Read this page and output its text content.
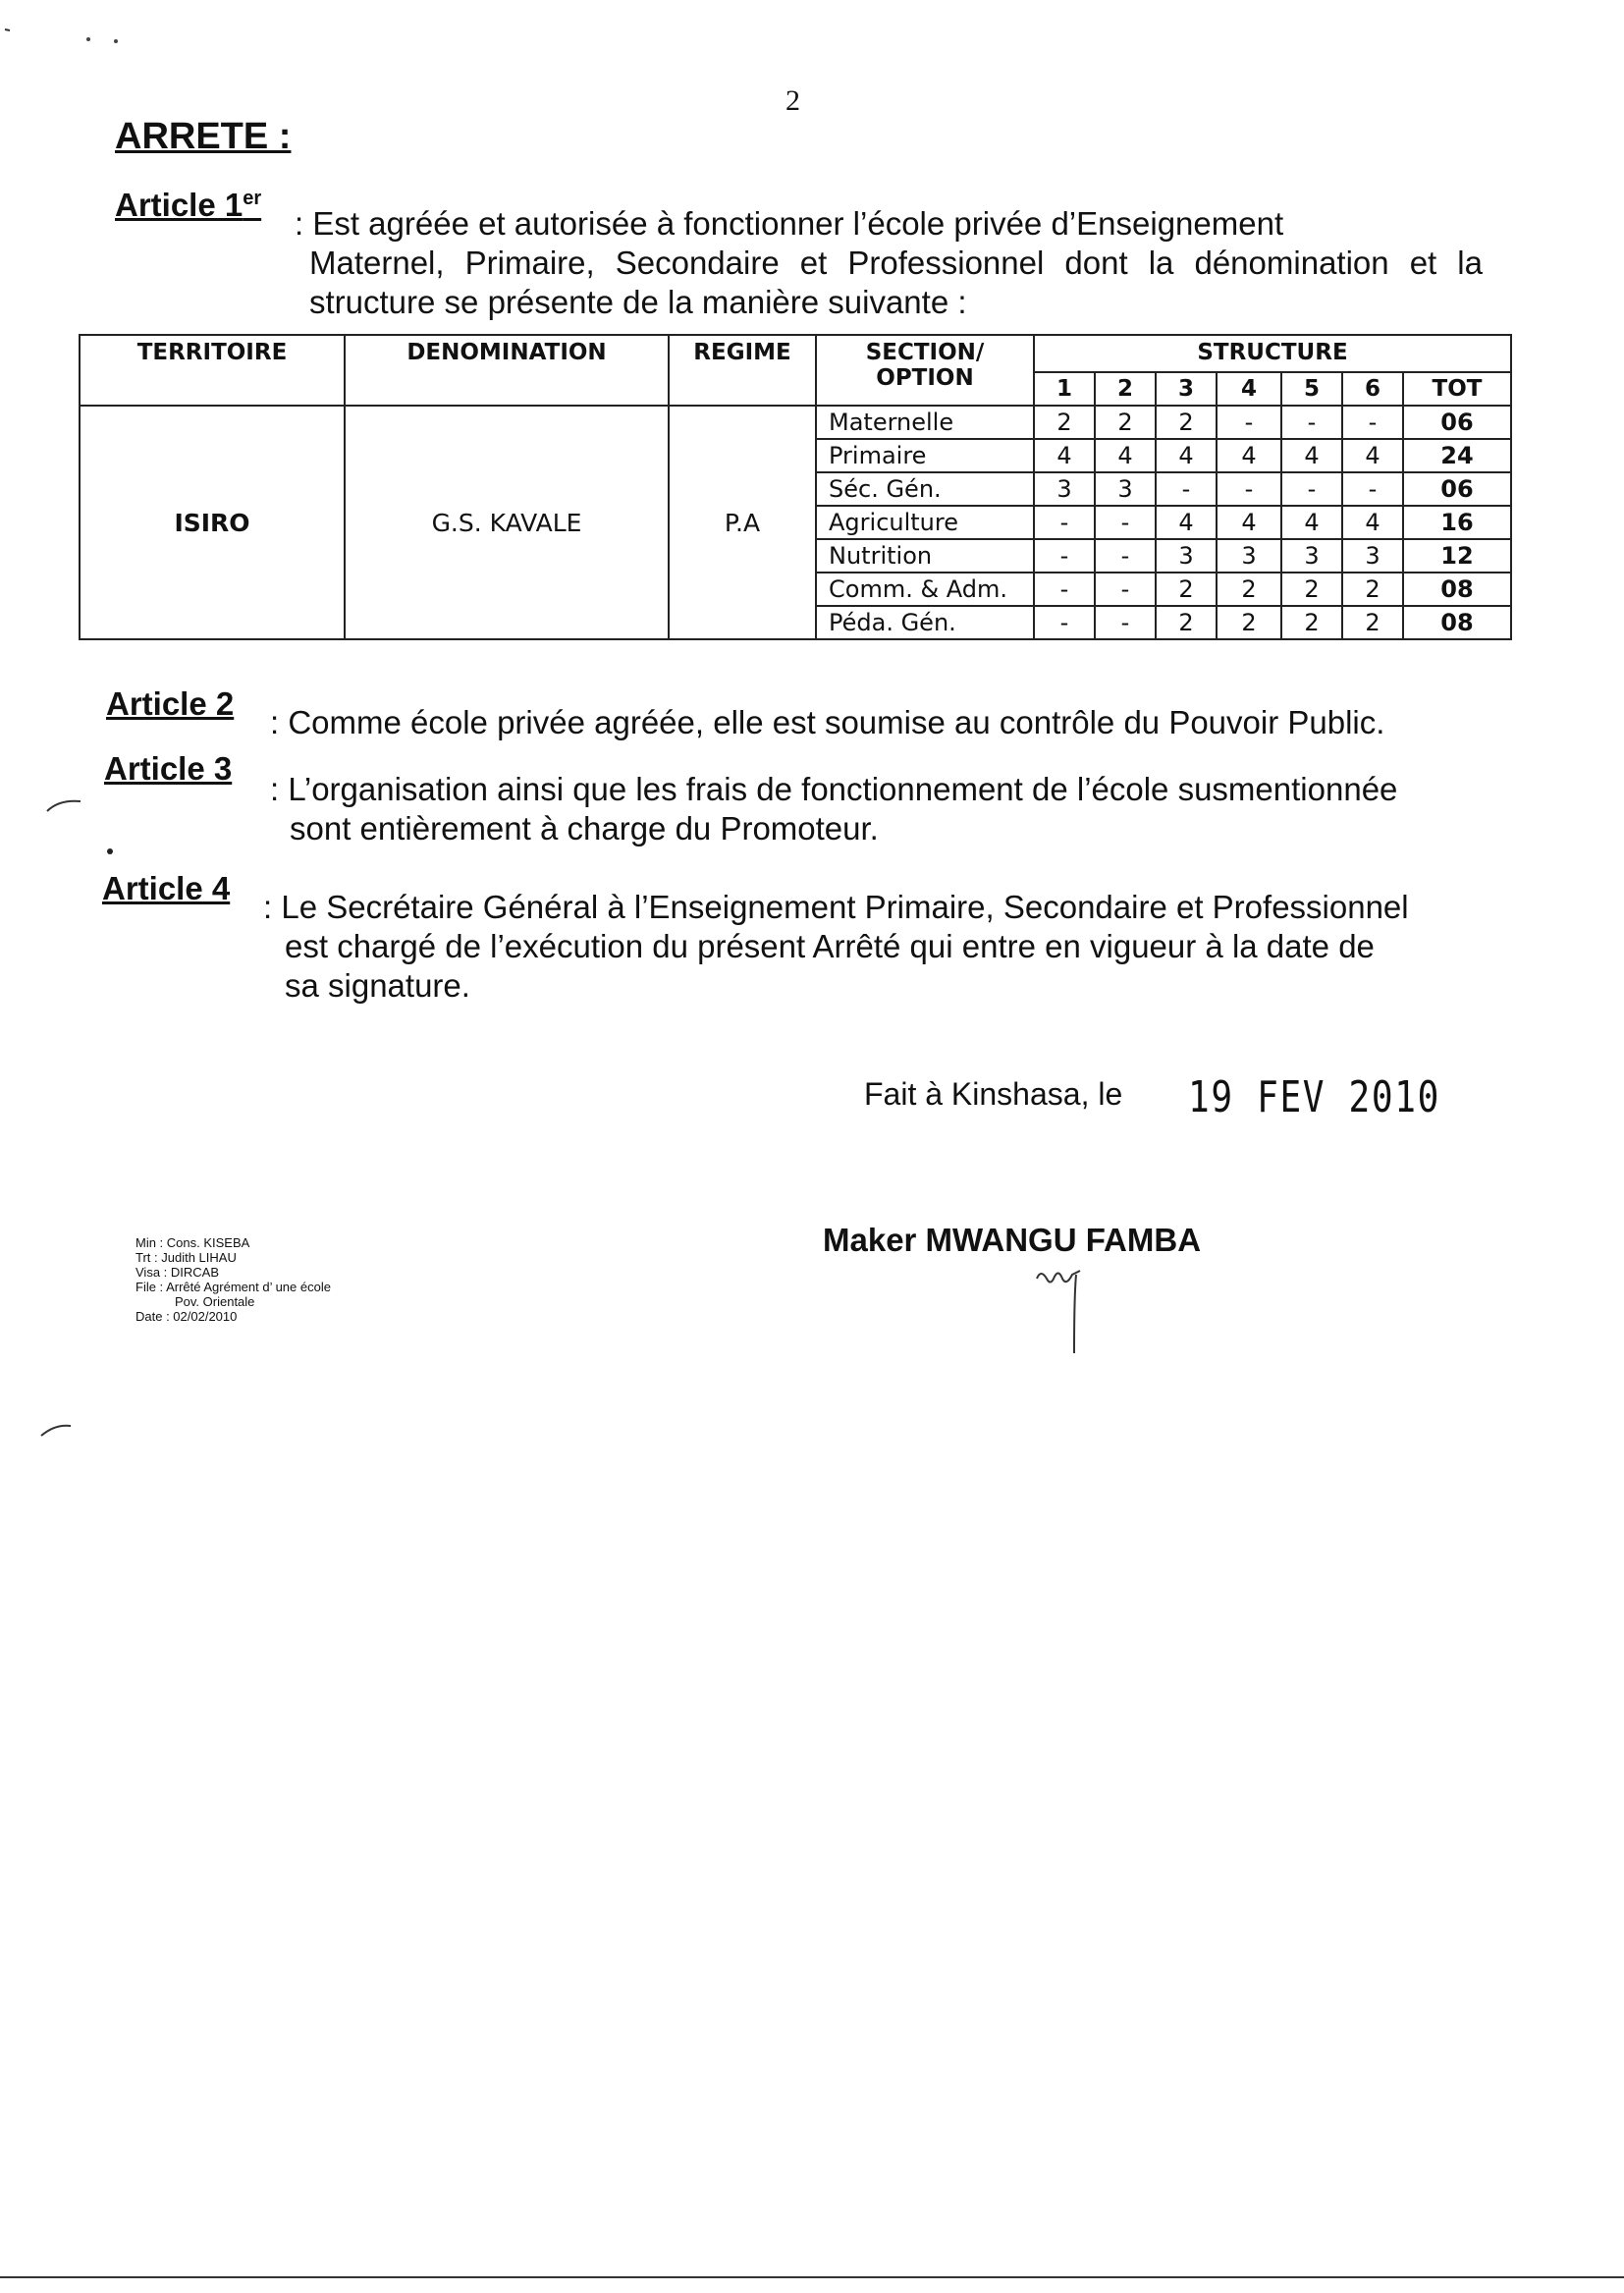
2
ARRETE :
Article 1er

: Est agréée et autorisée à fonctionner l’école privée d’Enseignement

Maternel, Primaire, Secondaire et Professionnel dont la dénomination et la

structure se présente de la manière suivante :

TERRITOIRE	DENOMINATION	REGIME	SECTION/
OPTION	STRUCTURE						
				1	2	3	4	5	6	TOT
ISIRO	G.S. KAVALE	P.A	Maternelle	2	2	2	-	-	-	06
			Primaire	4	4	4	4	4	4	24
			Séc. Gén.	3	3	-	-	-	-	06
			Agriculture	-	-	4	4	4	4	16
			Nutrition	-	-	3	3	3	3	12
			Comm. & Adm.	-	-	2	2	2	2	08
			Péda. Gén.	-	-	2	2	2	2	08
Article 2
: Comme école privée agréée, elle est soumise au contrôle du Pouvoir Public.
Article 3

: L’organisation ainsi que les frais de fonctionnement de l’école susmentionnée

sont entièrement à charge du Promoteur.

Article 4

: Le Secrétaire Général à l’Enseignement Primaire, Secondaire et Professionnel

est chargé de l’exécution du présent Arrêté qui entre en vigueur à la date de

sa signature.

Fait à Kinshasa, le 19 FEV 2010
Maker MWANGU FAMBA
Min : Cons. KISEBA
Trt : Judith LIHAU
Visa : DIRCAB
File : Arrêté Agrément d’ une école
Pov. Orientale
Date : 02/02/2010
